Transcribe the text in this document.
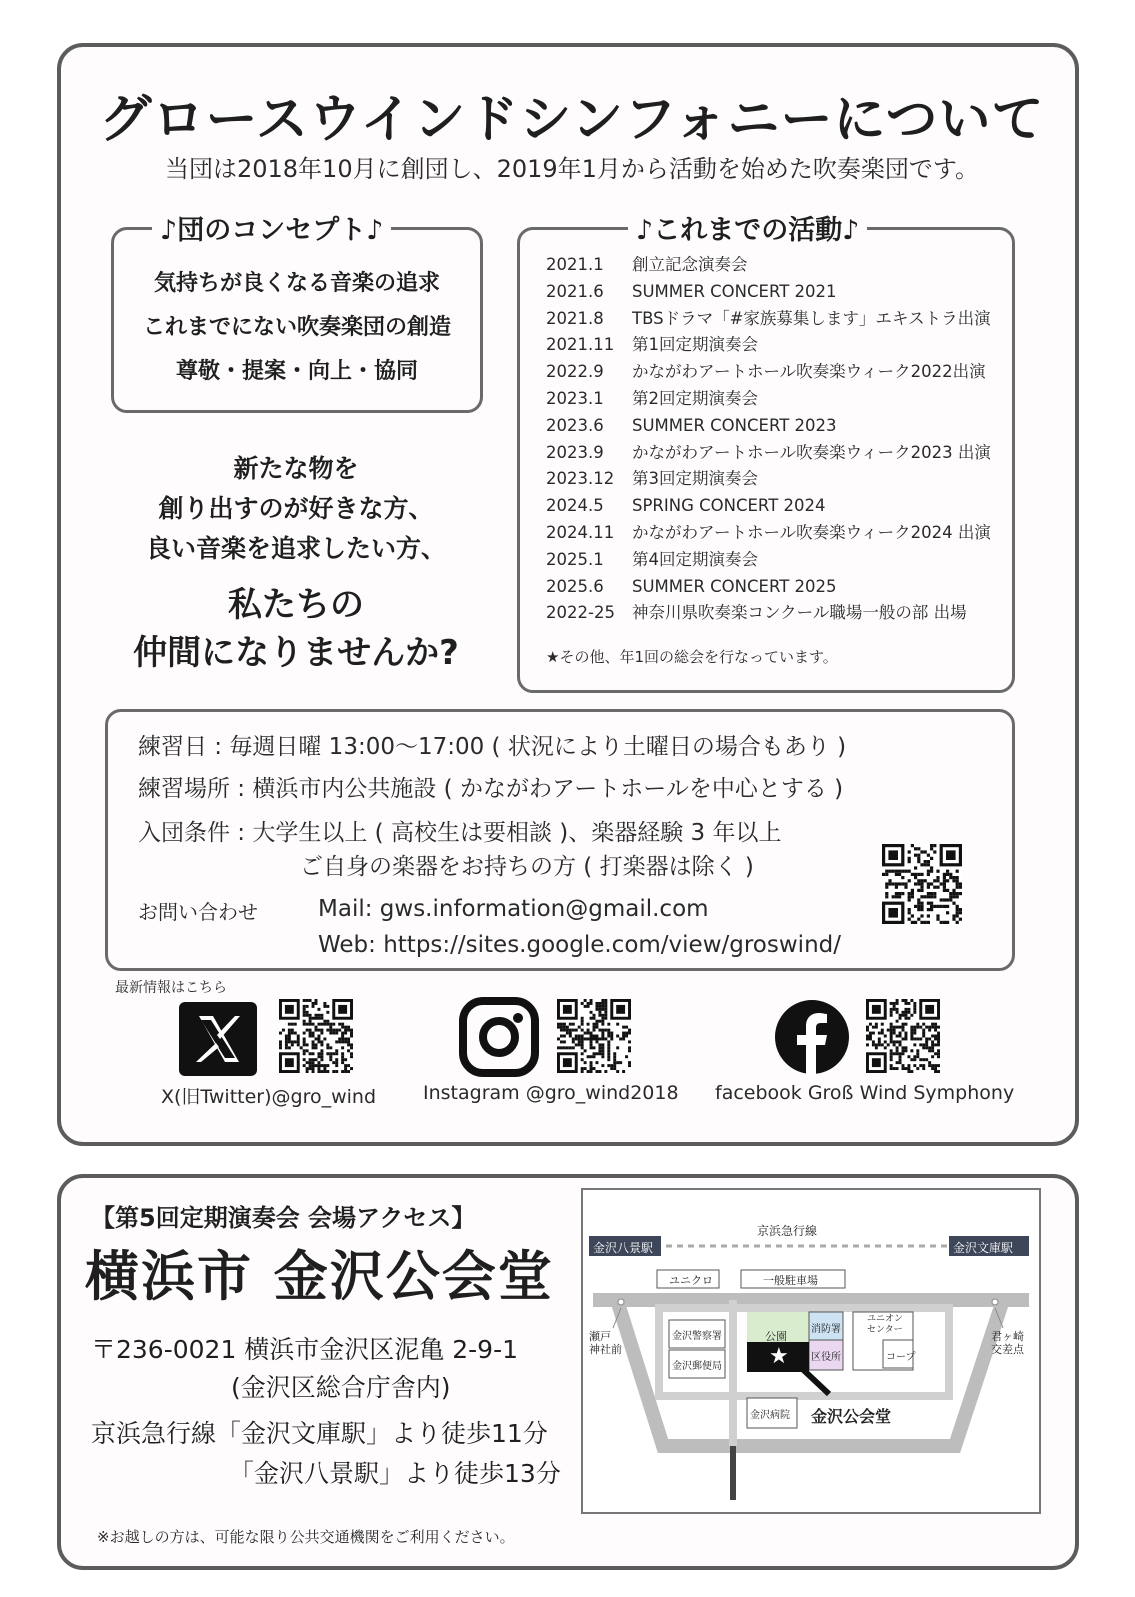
グロースウインドシンフォニーについて
当団は2018年10月に創団し、2019年1月から活動を始めた吹奏楽団です。
♪団のコンセプト♪
気持ちが良くなる音楽の追求
これまでにない吹奏楽団の創造
尊敬・提案・向上・協同
新たな物を
創り出すのが好きな方、
良い音楽を追求したい方、
私たちの
仲間になりませんか?
♪これまでの活動♪
2021.1 創立記念演奏会
2021.6 SUMMER CONCERT 2021
2021.8 TBSドラマ「#家族募集します」エキストラ出演
2021.11 第1回定期演奏会
2022.9 かながわアートホール吹奏楽ウィーク2022出演
2023.1 第2回定期演奏会
2023.6 SUMMER CONCERT 2023
2023.9 かながわアートホール吹奏楽ウィーク2023 出演
2023.12 第3回定期演奏会
2024.5 SPRING CONCERT 2024
2024.11 かながわアートホール吹奏楽ウィーク2024 出演
2025.1 第4回定期演奏会
2025.6 SUMMER CONCERT 2025
2022-25 神奈川県吹奏楽コンクール職場一般の部 出場
★その他、年1回の総会を行なっています。
練習日 : 毎週日曜 13:00〜17:00 ( 状況により土曜日の場合もあり )
練習場所 : 横浜市内公共施設 ( かながわアートホールを中心とする )
入団条件 : 大学生以上 ( 高校生は要相談 )、楽器経験 3 年以上
ご自身の楽器をお持ちの方 ( 打楽器は除く )
お問い合わせ	Mail: gws.information@gmail.com
Web: https://sites.google.com/view/groswind/
最新情報はこちら
X(旧Twitter)@gro_wind Instagram @gro_wind2018 facebook Groß Wind Symphony
【第5回定期演奏会 会場アクセス】
横浜市 金沢公会堂
〒236-0021 横浜市金沢区泥亀 2-9-1
(金沢区総合庁舎内)
京浜急行線「金沢文庫駅」より徒歩11分
「金沢八景駅」より徒歩13分
※お越しの方は、可能な限り公共交通機関をご利用ください。
京浜急行線
金沢八景駅	金沢文庫駅
ユニクロ	一般駐車場
瀬戸
神社前
君ヶ崎
交差点
金沢警察署
金沢郵便局
公園
消防署
区役所
ユニオン
センター
コープ
★
金沢病院 金沢公会堂
